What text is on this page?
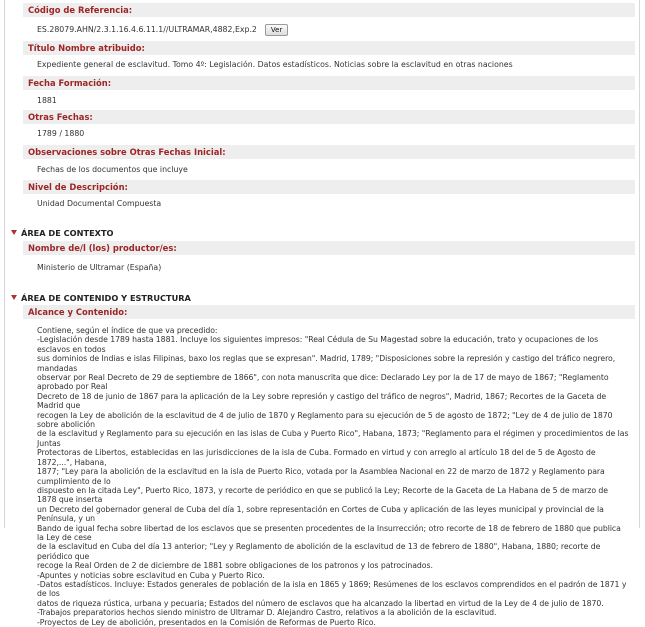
Código de Referencia:
ES.28079.AHN/2.3.1.16.4.6.11.1//ULTRAMAR,4882,Exp.2 Ver
Título Nombre atribuido:
Expediente general de esclavitud. Tomo 4º: Legislación. Datos estadísticos. Noticias sobre la esclavitud en otras naciones
Fecha Formación:
1881
Otras Fechas:
1789 / 1880
Observaciones sobre Otras Fechas Inicial:
Fechas de los documentos que incluye
Nivel de Descripción:
Unidad Documental Compuesta
ÁREA DE CONTEXTO
Nombre de/l (los) productor/es:
Ministerio de Ultramar (España)
ÁREA DE CONTENIDO Y ESTRUCTURA
Alcance y Contenido:
Contiene, según el índice de que va precedido:
-Legislación desde 1789 hasta 1881. Incluye los siguientes impresos: "Real Cédula de Su Magestad sobre la educación, trato y ocupaciones de los esclavos en todos
sus dominios de Indias e islas Filipinas, baxo los reglas que se expresan". Madrid, 1789; "Disposiciones sobre la represión y castigo del tráfico negrero, mandadas
observar por Real Decreto de 29 de septiembre de 1866", con nota manuscrita que dice: Declarado Ley por la de 17 de mayo de 1867; "Reglamento aprobado por Real
Decreto de 18 de junio de 1867 para la aplicación de la Ley sobre represión y castigo del tráfico de negros", Madrid, 1867; Recortes de la Gaceta de Madrid que
recogen la Ley de abolición de la esclavitud de 4 de julio de 1870 y Reglamento para su ejecución de 5 de agosto de 1872; "Ley de 4 de julio de 1870 sobre abolición
de la esclavitud y Reglamento para su ejecución en las islas de Cuba y Puerto Rico", Habana, 1873; "Reglamento para el régimen y procedimientos de las Juntas
Protectoras de Libertos, establecidas en las jurisdicciones de la isla de Cuba. Formado en virtud y con arreglo al artículo 18 del de 5 de Agosto de 1872,...", Habana,
1877; "Ley para la abolición de la esclavitud en la isla de Puerto Rico, votada por la Asamblea Nacional en 22 de marzo de 1872 y Reglamento para cumplimiento de lo
dispuesto en la citada Ley", Puerto Rico, 1873, y recorte de periódico en que se publicó la Ley; Recorte de la Gaceta de La Habana de 5 de marzo de 1878 que inserta
un Decreto del gobernador general de Cuba del día 1, sobre representación en Cortes de Cuba y aplicación de las leyes municipal y provincial de la Península, y un
Bando de igual fecha sobre libertad de los esclavos que se presenten procedentes de la Insurrección; otro recorte de 18 de febrero de 1880 que publica la Ley de cese
de la esclavitud en Cuba del día 13 anterior; "Ley y Reglamento de abolición de la esclavitud de 13 de febrero de 1880", Habana, 1880; recorte de periódico que
recoge la Real Orden de 2 de diciembre de 1881 sobre obligaciones de los patronos y los patrocinados.
-Apuntes y noticias sobre esclavitud en Cuba y Puerto Rico.
-Datos estadísticos. Incluye: Estados generales de población de la isla en 1865 y 1869; Resúmenes de los esclavos comprendidos en el padrón de 1871 y de los
datos de riqueza rústica, urbana y pecuaria; Estados del número de esclavos que ha alcanzado la libertad en virtud de la Ley de 4 de julio de 1870.
-Trabajos preparatorios hechos siendo ministro de Ultramar D. Alejandro Castro, relativos a la abolición de la esclavitud.
-Proyectos de Ley de abolición, presentados en la Comisión de Reformas de Puerto Rico.
